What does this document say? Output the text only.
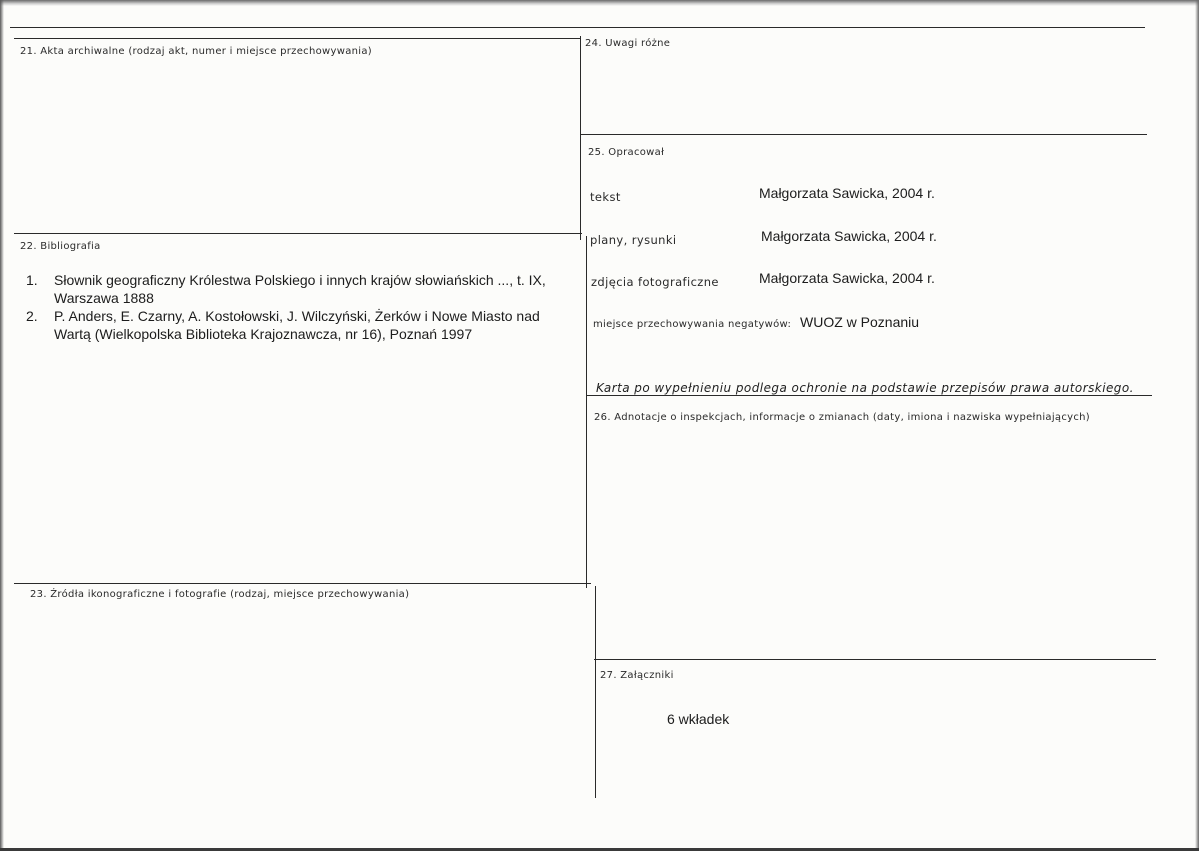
21. Akta archiwalne (rodzaj akt, numer i miejsce przechowywania)
22. Bibliografia
1. Słownik geograficzny Królestwa Polskiego i innych krajów słowiańskich ..., t. IX, Warszawa 1888
2. P. Anders, E. Czarny, A. Kostołowski, J. Wilczyński, Żerków i Nowe Miasto nad Wartą (Wielkopolska Biblioteka Krajoznawcza, nr 16), Poznań 1997
23. Źródła ikonograficzne i fotografie (rodzaj, miejsce przechowywania)
24. Uwagi różne
25. Opracował
tekst	Małgorzata Sawicka, 2004 r.
plany, rysunki	Małgorzata Sawicka, 2004 r.
zdjęcia fotograficzne	Małgorzata Sawicka, 2004 r.
miejsce przechowywania negatywów: WUOZ w Poznaniu
Karta po wypełnieniu podlega ochronie na podstawie przepisów prawa autorskiego.
26. Adnotacje o inspekcjach, informacje o zmianach (daty, imiona i nazwiska wypełniających)
27. Załączniki
6 wkładek
